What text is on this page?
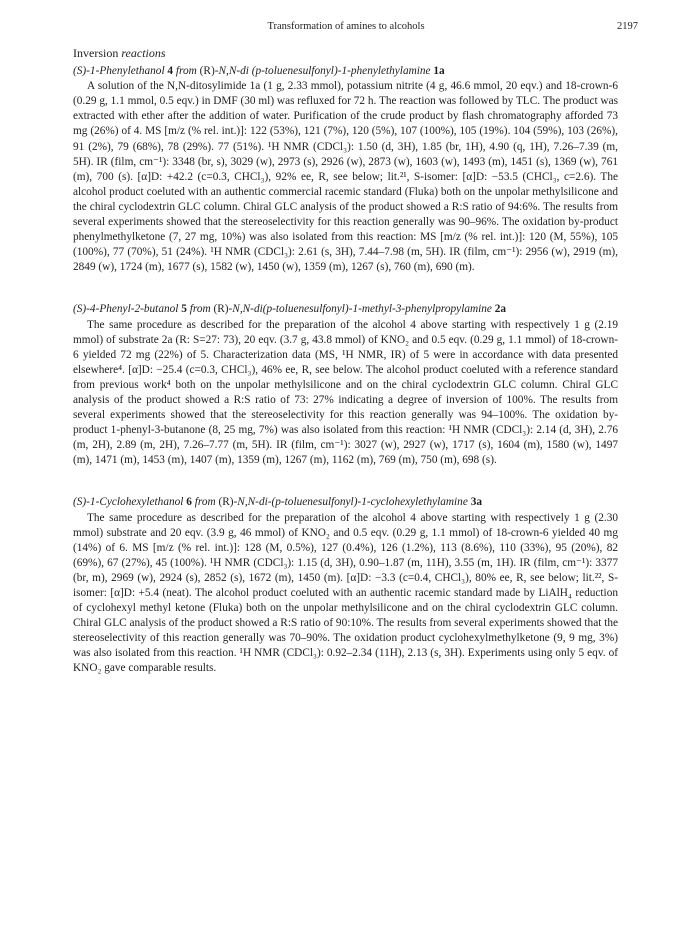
Transformation of amines to alcohols	2197
Inversion reactions
(S)-1-Phenylethanol 4 from (R)-N,N-di (p-toluenesulfonyl)-1-phenylethylamine 1a

A solution of the N,N-ditosylimide 1a (1 g, 2.33 mmol), potassium nitrite (4 g, 46.6 mmol, 20 eqv.) and 18-crown-6 (0.29 g, 1.1 mmol, 0.5 eqv.) in DMF (30 ml) was refluxed for 72 h. The reaction was followed by TLC. The product was extracted with ether after the addition of water. Purification of the crude product by flash chromatography afforded 73 mg (26%) of 4. MS [m/z (% rel. int.)]: 122 (53%), 121 (7%), 120 (5%), 107 (100%), 105 (19%). 104 (59%), 103 (26%), 91 (2%), 79 (68%), 78 (29%). 77 (51%). ¹H NMR (CDCl₃): 1.50 (d, 3H), 1.85 (br, 1H), 4.90 (q, 1H), 7.26–7.39 (m, 5H). IR (film, cm⁻¹): 3348 (br, s), 3029 (w), 2973 (s), 2926 (w), 2873 (w), 1603 (w), 1493 (m), 1451 (s), 1369 (w), 761 (m), 700 (s). [α]D: +42.2 (c=0.3, CHCl₃), 92% ee, R, see below; lit.²¹, S-isomer: [α]D: −53.5 (CHCl₃, c=2.6). The alcohol product coeluted with an authentic commercial racemic standard (Fluka) both on the unpolar methylsilicone and the chiral cyclodextrin GLC column. Chiral GLC analysis of the product showed a R:S ratio of 94:6%. The results from several experiments showed that the stereoselectivity for this reaction generally was 90–96%. The oxidation by-product phenylmethylketone (7, 27 mg, 10%) was also isolated from this reaction: MS [m/z (% rel. int.)]: 120 (M, 55%), 105 (100%), 77 (70%), 51 (24%). ¹H NMR (CDCl₃): 2.61 (s, 3H), 7.44–7.98 (m, 5H). IR (film, cm⁻¹): 2956 (w), 2919 (m), 2849 (w), 1724 (m), 1677 (s), 1582 (w), 1450 (w), 1359 (m), 1267 (s), 760 (m), 690 (m).

(S)-4-Phenyl-2-butanol 5 from (R)-N,N-di(p-toluenesulfonyl)-1-methyl-3-phenylpropylamine 2a

The same procedure as described for the preparation of the alcohol 4 above starting with respectively 1 g (2.19 mmol) of substrate 2a (R: S=27: 73), 20 eqv. (3.7 g, 43.8 mmol) of KNO₂ and 0.5 eqv. (0.29 g, 1.1 mmol) of 18-crown-6 yielded 72 mg (22%) of 5. Characterization data (MS, ¹H NMR, IR) of 5 were in accordance with data presented elsewhere⁴. [α]D: −25.4 (c=0.3, CHCl₃), 46% ee, R, see below. The alcohol product coeluted with a reference standard from previous work⁴ both on the unpolar methylsilicone and on the chiral cyclodextrin GLC column. Chiral GLC analysis of the product showed a R:S ratio of 73: 27% indicating a degree of inversion of 100%. The results from several experiments showed that the stereoselectivity for this reaction generally was 94–100%. The oxidation by-product 1-phenyl-3-butanone (8, 25 mg, 7%) was also isolated from this reaction: ¹H NMR (CDCl₃): 2.14 (d, 3H), 2.76 (m, 2H), 2.89 (m, 2H), 7.26–7.77 (m, 5H). IR (film, cm⁻¹): 3027 (w), 2927 (w), 1717 (s), 1604 (m), 1580 (w), 1497 (m), 1471 (m), 1453 (m), 1407 (m), 1359 (m), 1267 (m), 1162 (m), 769 (m), 750 (m), 698 (s).

(S)-1-Cyclohexylethanol 6 from (R)-N,N-di-(p-toluenesulfonyl)-1-cyclohexylethylamine 3a

The same procedure as described for the preparation of the alcohol 4 above starting with respectively 1 g (2.30 mmol) substrate and 20 eqv. (3.9 g, 46 mmol) of KNO₂ and 0.5 eqv. (0.29 g, 1.1 mmol) of 18-crown-6 yielded 40 mg (14%) of 6. MS [m/z (% rel. int.)]: 128 (M, 0.5%), 127 (0.4%), 126 (1.2%), 113 (8.6%), 110 (33%), 95 (20%), 82 (69%), 67 (27%), 45 (100%). ¹H NMR (CDCl₃): 1.15 (d, 3H), 0.90–1.87 (m, 11H), 3.55 (m, 1H). IR (film, cm⁻¹): 3377 (br, m), 2969 (w), 2924 (s), 2852 (s), 1672 (m), 1450 (m). [α]D: −3.3 (c=0.4, CHCl₃), 80% ee, R, see below; lit.²², S-isomer: [α]D: +5.4 (neat). The alcohol product coeluted with an authentic racemic standard made by LiAlH₄ reduction of cyclohexyl methyl ketone (Fluka) both on the unpolar methylsilicone and on the chiral cyclodextrin GLC column. Chiral GLC analysis of the product showed a R:S ratio of 90:10%. The results from several experiments showed that the stereoselectivity of this reaction generally was 70–90%. The oxidation product cyclohexylmethylketone (9, 9 mg, 3%) was also isolated from this reaction. ¹H NMR (CDCl₃): 0.92–2.34 (11H), 2.13 (s, 3H). Experiments using only 5 eqv. of KNO₂ gave comparable results.
